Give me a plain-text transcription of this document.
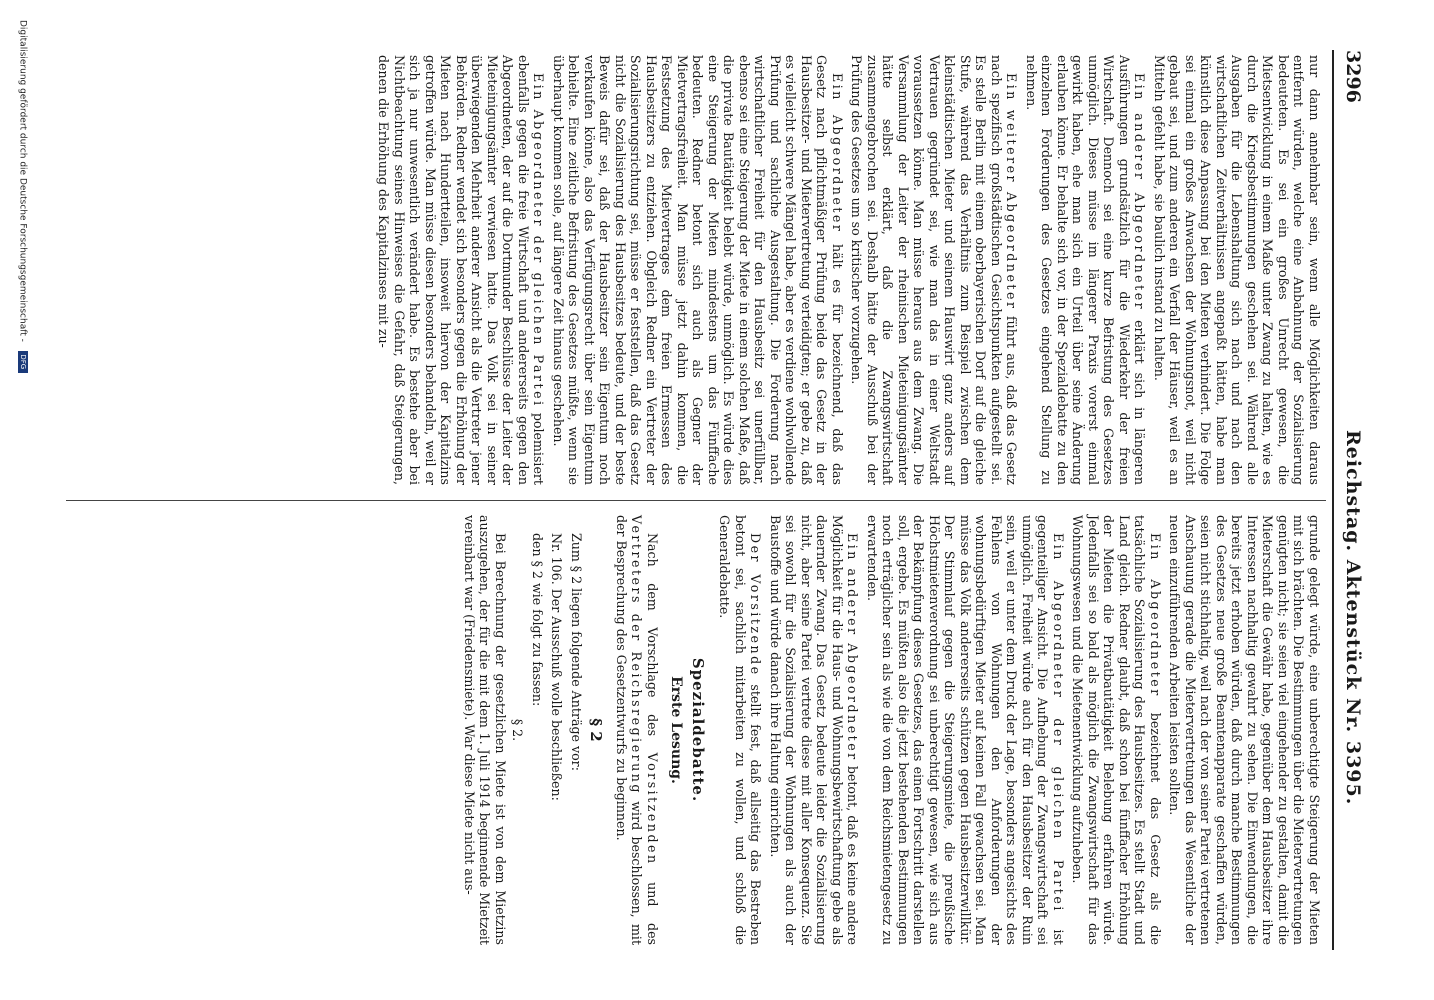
3296
Reichstag. Aktenstück Nr. 3395.

nur dann annehmbar sein, wenn alle Möglichkeiten daraus entfernt würden, welche eine Anbahnung der Sozialisierung bedeuteten. Es sei ein großes Unrecht gewesen, die Mietsentwicklung in einem Maße unter Zwang zu halten, wie es durch die Kriegsbestimmungen geschehen sei. Während alle Ausgaben für die Lebenshaltung sich nach und nach den wirtschaftlichen Zeitverhältnissen angepaßt hätten, habe man künstlich diese Anpassung bei den Mieten verhindert. Die Folge sei einmal ein großes Anwachsen der Wohnungsnot, weil nicht gebaut sei, und zum anderen ein Verfall der Häuser, weil es an Mitteln gefehlt habe, sie baulich instand zu halten.

Ein anderer Abgeordneter erklärt sich in längeren Ausführungen grundsätzlich für die Wiederkehr der freien Wirtschaft. Dennoch sei eine kurze Befristung des Gesetzes unmöglich. Dieses müsse im längerer Praxis vorerst einmal gewirkt haben, ehe man sich ein Urteil über seine Änderung erlauben könne. Er behalte sich vor, in der Spezialdebatte zu den einzelnen Forderungen des Gesetzes eingehend Stellung zu nehmen.

Ein weiterer Abgeordneter führt aus, daß das Gesetz nach spezifisch großstädtischen Gesichtspunkten aufgestellt sei. Es stelle Berlin mit einem oberbayerischen Dorf auf die gleiche Stufe, während das Verhältnis zum Beispiel zwischen dem kleinstädtischen Mieter und seinem Hauswirt ganz anders auf Vertrauen gegründet sei, wie man das in einer Weltstadt voraussetzen könne. Man müsse heraus aus dem Zwang. Die Versammlung der Leiter der rheinischen Mieteinigungsämter hätte selbst erklärt, daß die Zwangswirtschaft zusammengebrochen sei. Deshalb hätte der Ausschuß bei der Prüfung des Gesetzes um so kritischer vorzugehen.

Ein Abgeordneter hält es für bezeichnend, daß das Gesetz nach pflichtmäßiger Prüfung beide das Gesetz in der Hausbesitzer- und Mietervertretung verteidigten; er gebe zu, daß es vielleicht schwere Mängel habe, aber es verdiene wohlwollende Prüfung und sachliche Ausgestaltung. Die Forderung nach wirtschaftlicher Freiheit für den Hausbesitz sei unerfüllbar, ebenso sei eine Steigerung der Miete in einem solchen Maße, daß die private Bautätigkeit belebt würde, unmöglich. Es würde dies eine Steigerung der Mieten mindestens um das Fünffache bedeuten. Redner betont sich auch als Gegner der Mietvertragsfreiheit. Man müsse jetzt dahin kommen, die Festsetzung des Mietvertrages dem freien Ermessen des Hausbesitzers zu entziehen. Obgleich Redner ein Vertreter der Sozialisierungsrichtung sei, müsse er feststellen, daß das Gesetz nicht die Sozialisierung des Hausbesitzes bedeute, und der beste Beweis dafür sei, daß der Hausbesitzer sein Eigentum noch verkaufen könne, also das Verfügungsrecht über sein Eigentum behielte. Eine zeitliche Befristung des Gesetzes müßte, wenn sie überhaupt kommen solle, auf längere Zeit hinaus geschehen.

Ein Abgeordneter der gleichen Partei polemisiert ebenfalls gegen die freie Wirtschaft und andererseits gegen den Abgeordneten, der auf die Dortmunder Beschlüsse der Leiter der Mieteinigungsämter verwiesen hatte. Das Volk sei in seiner überwiegenden Mehrheit anderer Ansicht als die Vertreter jener Behörden. Redner wendet sich besonders gegen die Erhöhung der Mieten nach Hundertteilen, insoweit hiervon der Kapitalzins getroffen würde. Man müsse diesen besonders behandeln, weil er sich ja nur unwesentlich verändert habe. Es bestehe aber bei Nichtbeachtung seines Hinweises die Gefahr, daß Steigerungen, denen die Erhöhung des Kapitalzinses mit zu-

grunde gelegt würde, eine unberechtigte Steigerung der Mieten mit sich brächten. Die Bestimmungen über die Mietervertretungen genügten nicht; sie seien viel eingehender zu gestalten, damit die Mieterschaft die Gewähr habe, gegenüber dem Hausbesitzer ihre Interessen nachhaltig gewahrt zu sehen. Die Einwendungen, die bereits jetzt erhoben würden, daß durch manche Bestimmungen des Gesetzes neue große Beamtenapparate geschaffen würden, seien nicht stichhaltig, weil nach der von seiner Partei vertretenen Anschauung gerade die Mietervertretungen das Wesentliche der neuen einzuführenden Arbeiten leisten sollten.

Ein Abgeordneter bezeichnet das Gesetz als die tatsächliche Sozialisierung des Hausbesitzes. Es stellt Stadt und Land gleich. Redner glaubt, daß schon bei fünffacher Erhöhung der Mieten die Privatbautätigkeit Belebung erfahren würde. Jedenfalls sei so bald als möglich die Zwangswirtschaft für das Wohnungswesen und die Mietenentwicklung aufzuheben.

Ein Abgeordneter der gleichen Partei ist gegenteiliger Ansicht. Die Aufhebung der Zwangswirtschaft sei unmöglich. Freiheit würde auch für den Hausbesitzer der Ruin sein, weil er unter dem Druck der Lage, besonders angesichts des Fehlens von Wohnungen den Anforderungen der wohnungsbedürftigen Mieter auf keinen Fall gewachsen sei. Man müsse das Volk andererseits schützen gegen Hausbesitzerwillkür. Der Stimmlauf gegen die Steigerungsmiete, die preußische Höchstmietenverordnung sei unberechtigt gewesen, wie sich aus der Bekämpfung dieses Gesetzes, das einen Fortschritt darstellen soll, ergebe. Es müßten also die jetzt bestehenden Bestimmungen noch erträglicher sein als wie die von dem Reichsmietengesetz zu erwartenden.

Ein anderer Abgeordneter betont, daß es keine andere Möglichkeit für die Haus- und Wohnungsbewirtschaftung gebe als dauernder Zwang. Das Gesetz bedeute leider die Sozialisierung nicht, aber seine Partei vertrete diese mit aller Konsequenz. Sie sei sowohl für die Sozialisierung der Wohnungen als auch der Baustoffe und würde danach ihre Haltung einrichten.

Der Vorsitzende stellt fest, daß allseitig das Bestreben betont sei, sachlich mitarbeiten zu wollen, und schloß die Generaldebatte.

Spezialdebatte.
Erste Lesung.

Nach dem Vorschlage des Vorsitzenden und des Vertreters der Reichsregierung wird beschlossen, mit der Besprechung des Gesetzentwurfs zu beginnen.

§ 2

Zum § 2 liegen folgende Anträge vor:

Nr. 106. Der Ausschuß wolle beschließen:

den § 2 wie folgt zu fassen:

§ 2.

Bei Berechnung der gesetzlichen Miete ist von dem Mietzins auszugehen, der für die mit dem 1. Juli 1914 beginnende Mietzeit vereinbart war (Friedensmiete). War diese Miete nicht aus-

Digitalisierung gefördert durch die Deutsche Forschungsgemeinschaft - DFG
